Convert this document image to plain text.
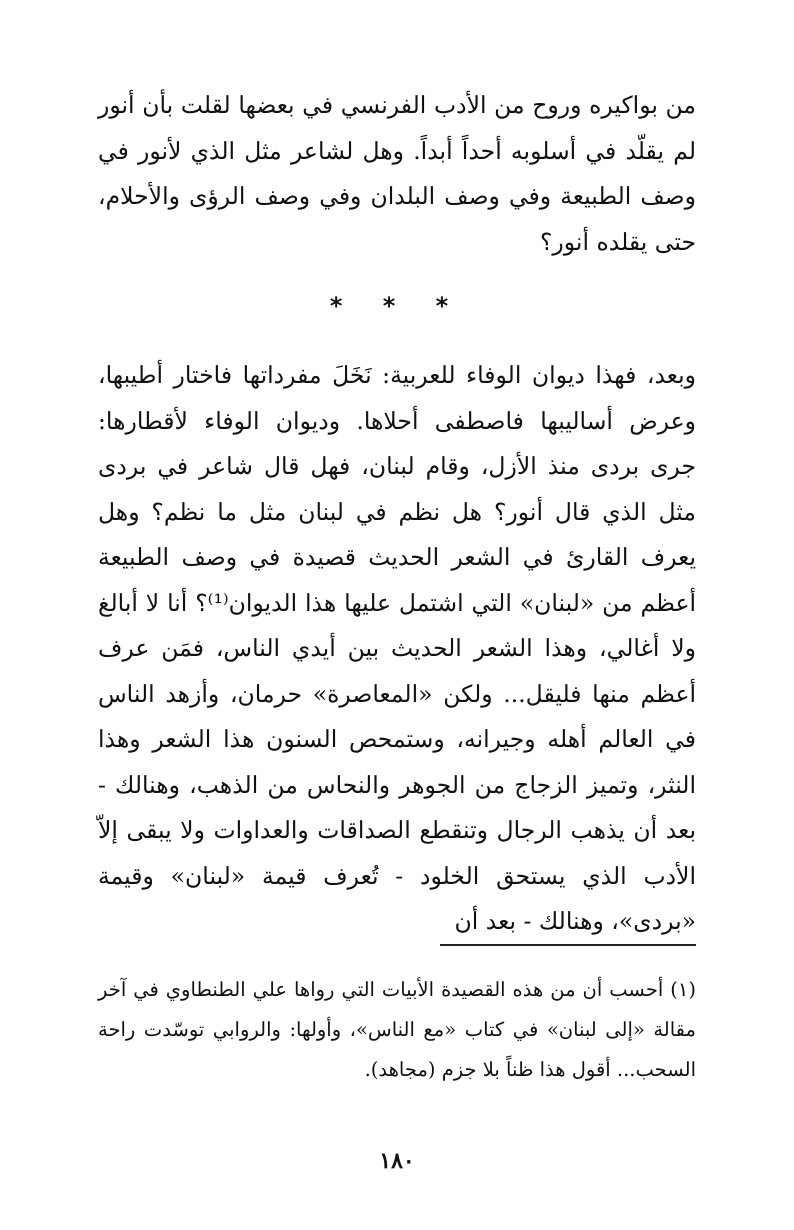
من بواكيره وروح من الأدب الفرنسي في بعضها لقلت بأن أنور لم يقلّد في أسلوبه أحداً أبداً. وهل لشاعر مثل الذي لأنور في وصف الطبيعة وفي وصف البلدان وفي وصف الرؤى والأحلام، حتى يقلده أنور؟

* * *

وبعد، فهذا ديوان الوفاء للعربية: نَخَلَ مفرداتها فاختار أطيبها، وعرض أساليبها فاصطفى أحلاها. وديوان الوفاء لأقطارها: جرى بردى منذ الأزل، وقام لبنان، فهل قال شاعر في بردى مثل الذي قال أنور؟ هل نظم في لبنان مثل ما نظم؟ وهل يعرف القارئ في الشعر الحديث قصيدة في وصف الطبيعة أعظم من «لبنان» التي اشتمل عليها هذا الديوان⁽¹⁾؟ أنا لا أبالغ ولا أغالي، وهذا الشعر الحديث بين أيدي الناس، فمَن عرف أعظم منها فليقل... ولكن «المعاصرة» حرمان، وأزهد الناس في العالم أهله وجيرانه، وستمحص السنون هذا الشعر وهذا النثر، وتميز الزجاج من الجوهر والنحاس من الذهب، وهنالك - بعد أن يذهب الرجال وتنقطع الصداقات والعداوات ولا يبقى إلاّ الأدب الذي يستحق الخلود - تُعرف قيمة «لبنان» وقيمة «بردى»، وهنالك - بعد أن

(١) أحسب أن من هذه القصيدة الأبيات التي رواها علي الطنطاوي في آخر مقالة «إلى لبنان» في كتاب «مع الناس»، وأولها: والروابي توسّدت راحة السحب... أقول هذا ظناً بلا جزم (مجاهد).

١٨٠
